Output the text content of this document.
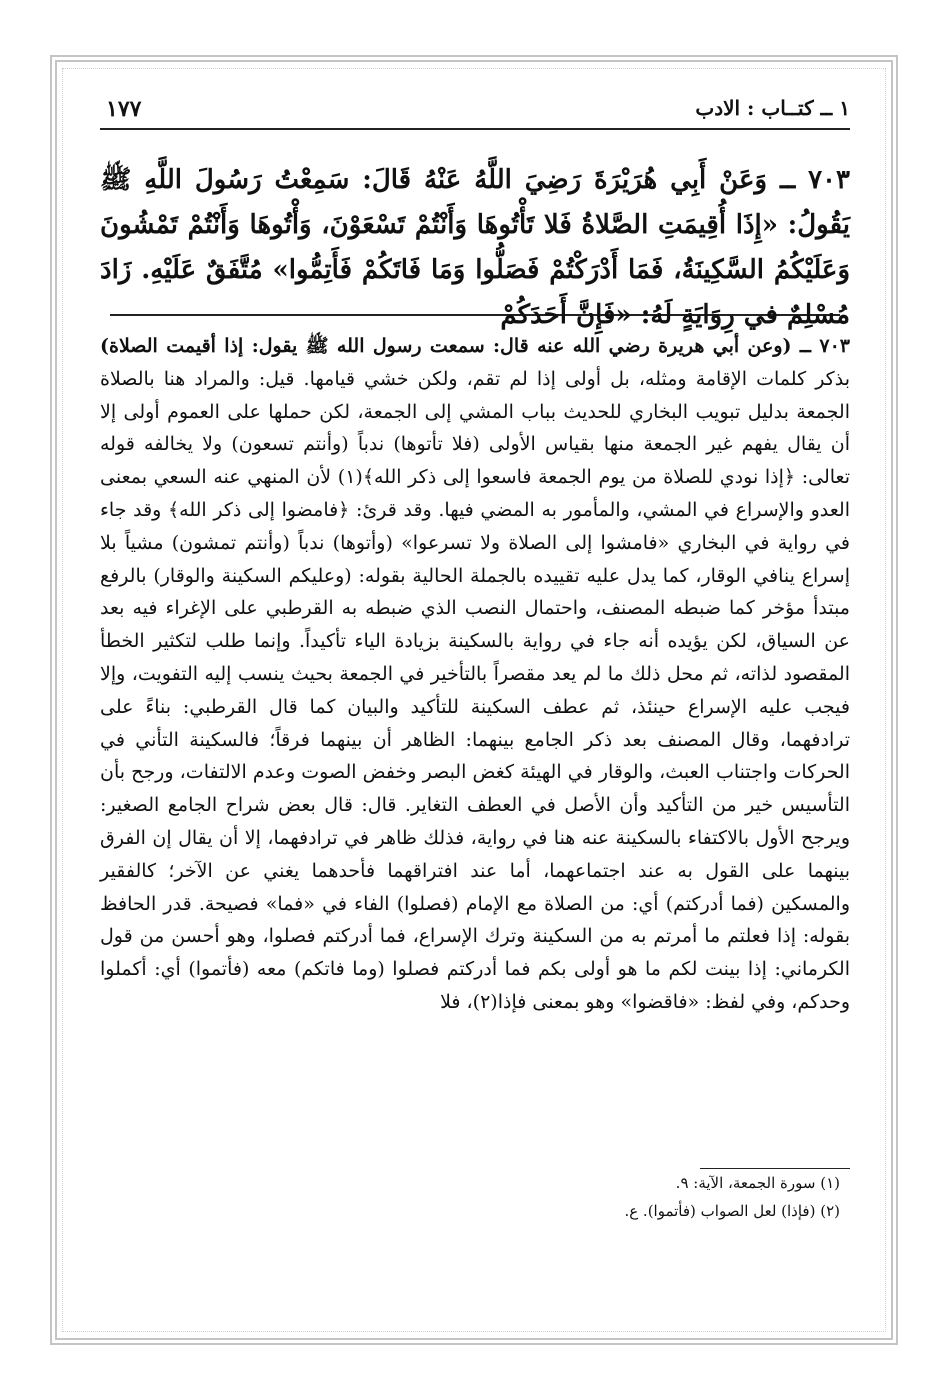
١ ــ كتــاب : الادب
١٧٧
٧٠٣ ــ وَعَنْ أَبِي هُرَيْرَةَ رَضِيَ اللَّهُ عَنْهُ قَالَ: سَمِعْتُ رَسُولَ اللَّهِ ﷺ يَقُولُ: «إِذَا أُقِيمَتِ الصَّلاةُ فَلا تَأْتُوهَا وَأَنْتُمْ تَسْعَوْنَ، وَأْتُوهَا وَأَنْتُمْ تَمْشُونَ وَعَلَيْكُمُ السَّكِينَةُ، فَمَا أَدْرَكْتُمْ فَصَلُّوا وَمَا فَاتَكُمْ فَأَتِمُّوا» مُتَّفَقٌ عَلَيْهِ. زَادَ مُسْلِمٌ في رِوَايَةٍ لَهُ: «فَإِنَّ أَحَدَكُمْ
٧٠٣ ــ (وعن أبي هريرة رضي الله عنه قال: سمعت رسول الله ﷺ يقول: إذا أقيمت الصلاة) بذكر كلمات الإقامة ومثله، بل أولى إذا لم تقم، ولكن خشي قيامها. قيل: والمراد هنا بالصلاة الجمعة بدليل تبويب البخاري للحديث بباب المشي إلى الجمعة، لكن حملها على العموم أولى إلا أن يقال يفهم غير الجمعة منها بقياس الأولى (فلا تأتوها) ندباً (وأنتم تسعون) ولا يخالفه قوله تعالى: ﴿إذا نودي للصلاة من يوم الجمعة فاسعوا إلى ذكر الله﴾(١) لأن المنهي عنه السعي بمعنى العدو والإسراع في المشي، والمأمور به المضي فيها. وقد قرئ: ﴿فامضوا إلى ذكر الله﴾ وقد جاء في رواية في البخاري «فامشوا إلى الصلاة ولا تسرعوا» (وأتوها) ندباً (وأنتم تمشون) مشياً بلا إسراع ينافي الوقار، كما يدل عليه تقييده بالجملة الحالية بقوله: (وعليكم السكينة والوقار) بالرفع مبتدأ مؤخر كما ضبطه المصنف، واحتمال النصب الذي ضبطه به القرطبي على الإغراء فيه بعد عن السياق، لكن يؤيده أنه جاء في رواية بالسكينة بزيادة الياء تأكيداً. وإنما طلب لتكثير الخطأ المقصود لذاته، ثم محل ذلك ما لم يعد مقصراً بالتأخير في الجمعة بحيث ينسب إليه التفويت، وإلا فيجب عليه الإسراع حينئذ، ثم عطف السكينة للتأكيد والبيان كما قال القرطبي: بناءً على ترادفهما، وقال المصنف بعد ذكر الجامع بينهما: الظاهر أن بينهما فرقاً؛ فالسكينة التأني في الحركات واجتناب العبث، والوقار في الهيئة كغض البصر وخفض الصوت وعدم الالتفات، ورجح بأن التأسيس خير من التأكيد وأن الأصل في العطف التغاير. قال: قال بعض شراح الجامع الصغير: ويرجح الأول بالاكتفاء بالسكينة عنه هنا في رواية، فذلك ظاهر في ترادفهما، إلا أن يقال إن الفرق بينهما على القول به عند اجتماعهما، أما عند افتراقهما فأحدهما يغني عن الآخر؛ كالفقير والمسكين (فما أدركتم) أي: من الصلاة مع الإمام (فصلوا) الفاء في «فما» فصيحة. قدر الحافظ بقوله: إذا فعلتم ما أمرتم به من السكينة وترك الإسراع، فما أدركتم فصلوا، وهو أحسن من قول الكرماني: إذا بينت لكم ما هو أولى بكم فما أدركتم فصلوا (وما فاتكم) معه (فأتموا) أي: أكملوا وحدكم، وفي لفظ: «فاقضوا» وهو بمعنى فإذا(٢)، فلا
(١) سورة الجمعة، الآية: ٩.
(٢) (فإذا) لعل الصواب (فأتموا). ع.
